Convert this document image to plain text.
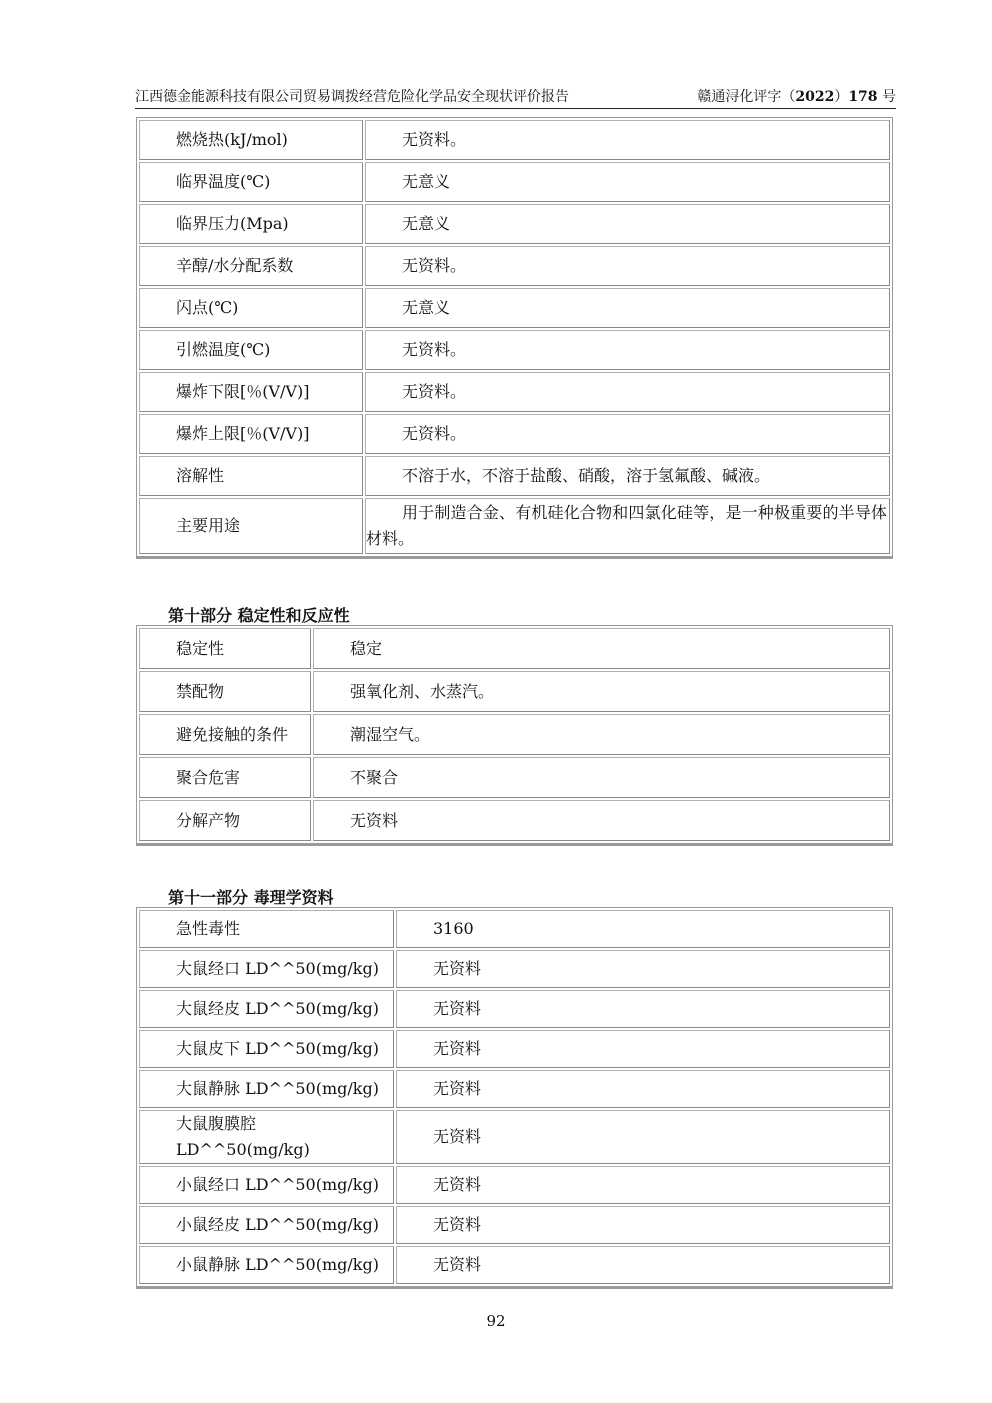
江西德金能源科技有限公司贸易调拨经营危险化学品安全现状评价报告	赣通浔化评字（2022）178 号
燃烧热(kJ/mol)	无资料。
临界温度(℃)	无意义
临界压力(Mpa)	无意义
辛醇/水分配系数	无资料。
闪点(℃)	无意义
引燃温度(℃)	无资料。
爆炸下限[％(V/V)]	无资料。
爆炸上限[％(V/V)]	无资料。
溶解性	不溶于水，不溶于盐酸、硝酸，溶于氢氟酸、碱液。
主要用途	用于制造合金、有机硅化合物和四氯化硅等，是一种极重要的半导体材料。
第十部分 稳定性和反应性
稳定性	稳定
禁配物	强氧化剂、水蒸汽。
避免接触的条件	潮湿空气。
聚合危害	不聚合
分解产物	无资料
第十一部分 毒理学资料
急性毒性	3160
大鼠经口 LD^^50(mg/kg)	无资料
大鼠经皮 LD^^50(mg/kg)	无资料
大鼠皮下 LD^^50(mg/kg)	无资料
大鼠静脉 LD^^50(mg/kg)	无资料
大鼠腹膜腔 LD^^50(mg/kg)	无资料
小鼠经口 LD^^50(mg/kg)	无资料
小鼠经皮 LD^^50(mg/kg)	无资料
小鼠静脉 LD^^50(mg/kg)	无资料
92
